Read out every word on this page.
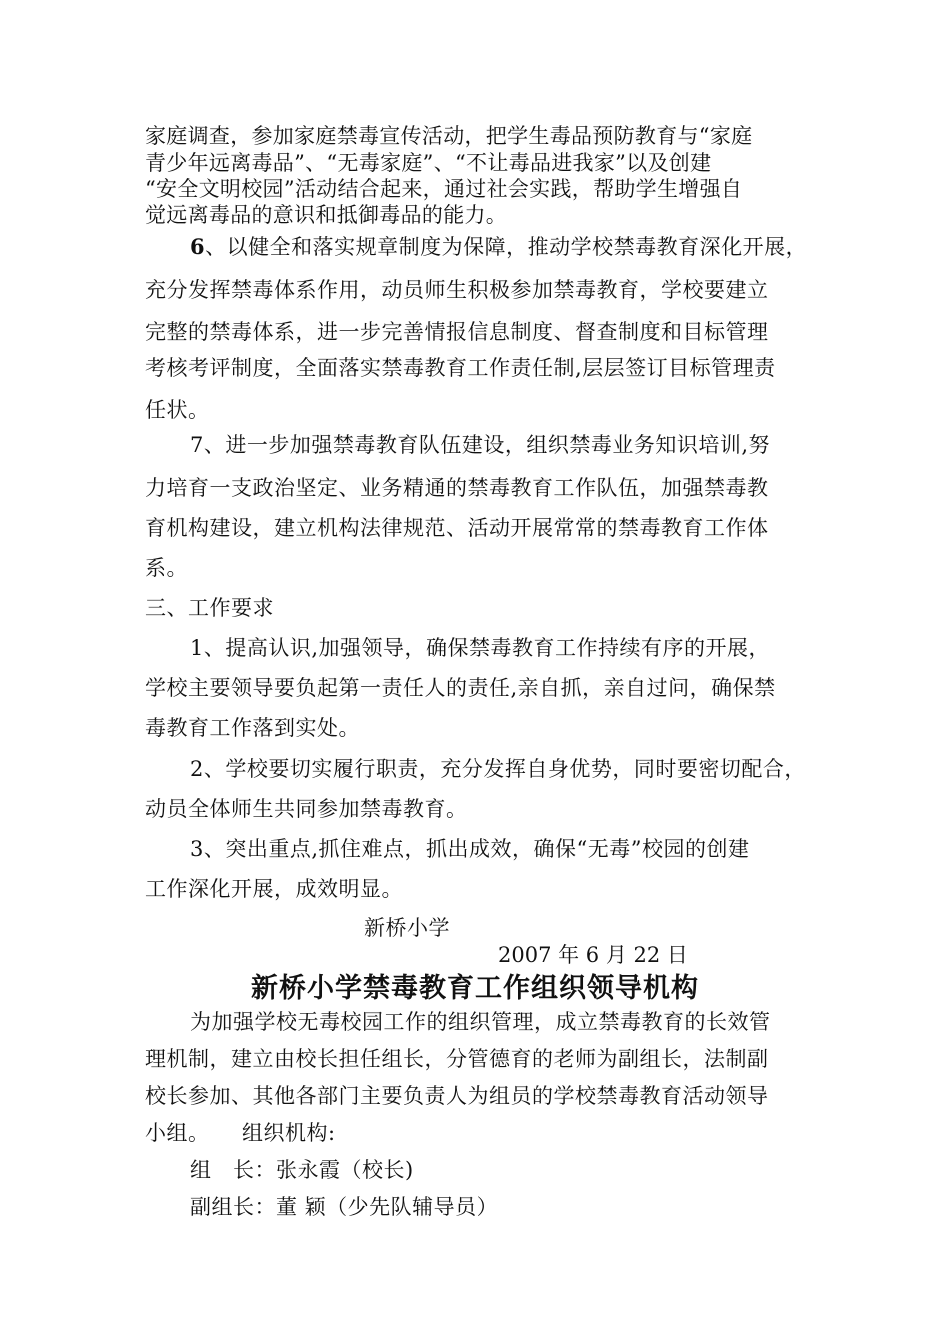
家庭调查，参加家庭禁毒宣传活动，把学生毒品预防教育与“家庭
青少年远离毒品”、“无毒家庭”、“不让毒品进我家”以及创建
“安全文明校园”活动结合起来，通过社会实践，帮助学生增强自
觉远离毒品的意识和抵御毒品的能力。
6、以健全和落实规章制度为保障，推动学校禁毒教育深化开展，
充分发挥禁毒体系作用，动员师生积极参加禁毒教育，学校要建立
完整的禁毒体系，进一步完善情报信息制度、督查制度和目标管理
考核考评制度，全面落实禁毒教育工作责任制,层层签订目标管理责
任状。
7、进一步加强禁毒教育队伍建设，组织禁毒业务知识培训,努
力培育一支政治坚定、业务精通的禁毒教育工作队伍，加强禁毒教
育机构建设，建立机构法律规范、活动开展常常的禁毒教育工作体
系。
三、工作要求
1、提高认识,加强领导，确保禁毒教育工作持续有序的开展，
学校主要领导要负起第一责任人的责任,亲自抓，亲自过问，确保禁
毒教育工作落到实处。
2、学校要切实履行职责，充分发挥自身优势，同时要密切配合，
动员全体师生共同参加禁毒教育。
3、突出重点,抓住难点，抓出成效，确保“无毒”校园的创建
工作深化开展，成效明显。
新桥小学
2007 年 6 月 22 日
新桥小学禁毒教育工作组织领导机构
为加强学校无毒校园工作的组织管理，成立禁毒教育的长效管
理机制，建立由校长担任组长，分管德育的老师为副组长，法制副
校长参加、其他各部门主要负责人为组员的学校禁毒教育活动领导
小组。　　组织机构:
组　长：张永霞（校长)
副组长：董 颖（少先队辅导员）
